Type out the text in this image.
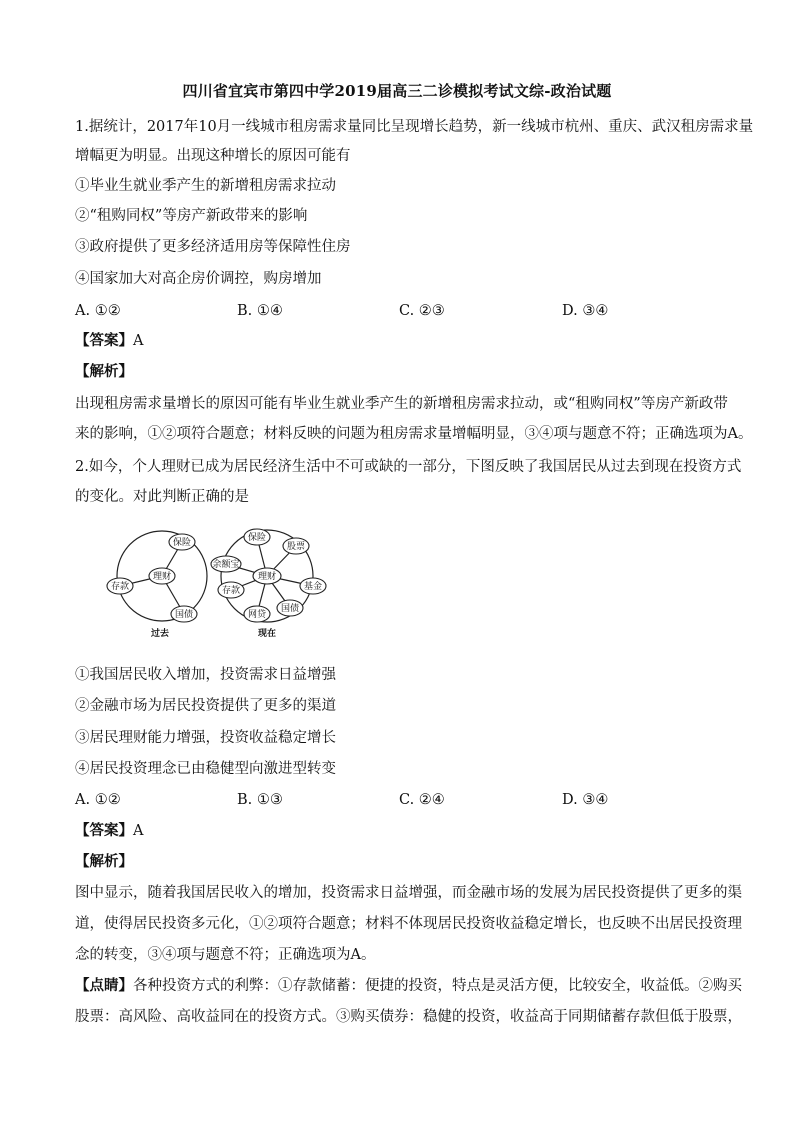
四川省宜宾市第四中学2019届高三二诊模拟考试文综-政治试题
1.据统计，2017年10月一线城市租房需求量同比呈现增长趋势，新一线城市杭州、重庆、武汉租房需求量
增幅更为明显。出现这种增长的原因可能有
①毕业生就业季产生的新增租房需求拉动
②“租购同权”等房产新政带来的影响
③政府提供了更多经济适用房等保障性住房
④国家加大对高企房价调控，购房增加
A. ①②	B. ①④	C. ②③	D. ③④
【答案】A
【解析】
出现租房需求量增长的原因可能有毕业生就业季产生的新增租房需求拉动，或“租购同权”等房产新政带
来的影响，①②项符合题意；材料反映的问题为租房需求量增幅明显，③④项与题意不符；正确选项为A。
2.如今，个人理财已成为居民经济生活中不可或缺的一部分，下图反映了我国居民从过去到现在投资方式
的变化。对此判断正确的是
理财
保险
存款
国债
理财
保险
股票
余额宝
基金
存款
网贷
国债
过去	现在
①我国居民收入增加，投资需求日益增强
②金融市场为居民投资提供了更多的渠道
③居民理财能力增强，投资收益稳定增长
④居民投资理念已由稳健型向激进型转变
A. ①②	B. ①③	C. ②④	D. ③④
【答案】A
【解析】
图中显示，随着我国居民收入的增加，投资需求日益增强，而金融市场的发展为居民投资提供了更多的渠
道，使得居民投资多元化，①②项符合题意；材料不体现居民投资收益稳定增长，也反映不出居民投资理
念的转变，③④项与题意不符；正确选项为A。
【点睛】各种投资方式的利弊：①存款储蓄：便捷的投资，特点是灵活方便，比较安全，收益低。②购买
股票：高风险、高收益同在的投资方式。③购买债券：稳健的投资，收益高于同期储蓄存款但低于股票，
